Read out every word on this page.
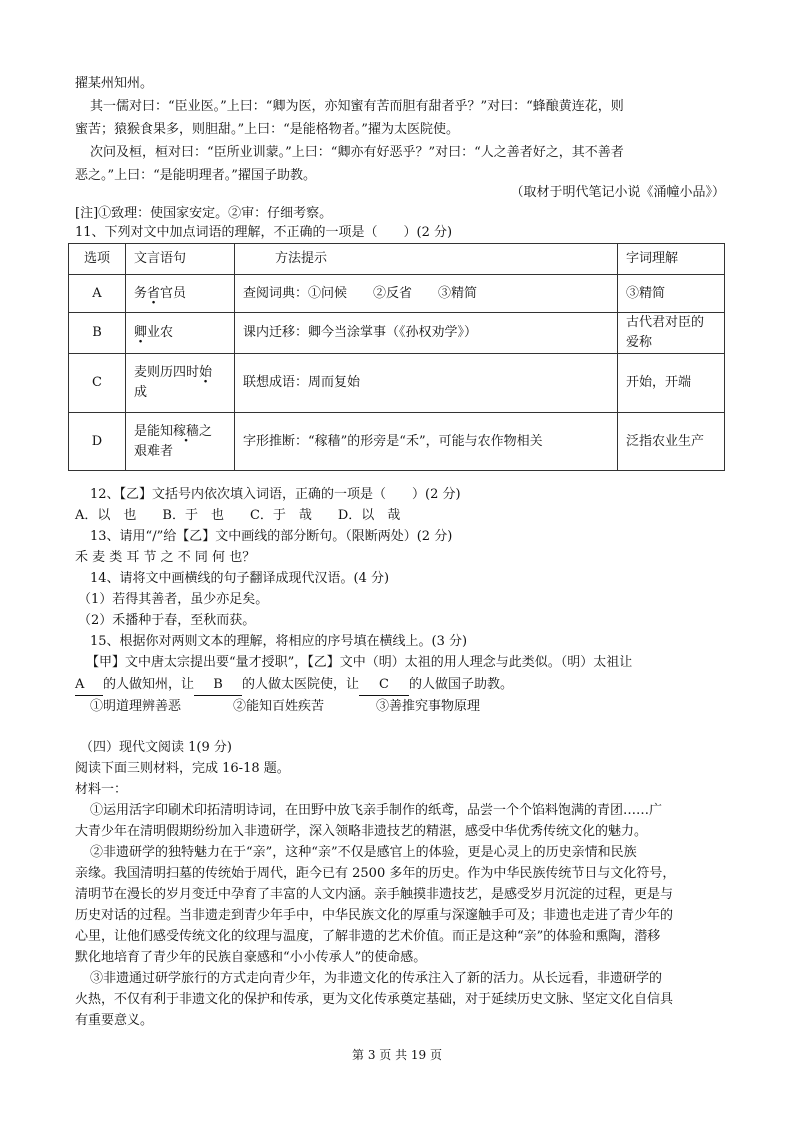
擢某州知州。
其一儒对曰：“臣业医。”上曰：“卿为医，亦知蜜有苦而胆有甜者乎？”对曰：“蜂酿黄连花，则
蜜苦；猿猴食果多，则胆甜。”上曰：“是能格物者。”擢为太医院使。
次问及桓，桓对曰：“臣所业训蒙。”上曰：“卿亦有好恶乎？”对曰：“人之善者好之，其不善者
恶之。”上曰：“是能明理者。”擢国子助教。
（取材于明代笔记小说《涌幢小品》）
[注]①致理：使国家安定。②审：仔细考察。
11、下列对文中加点词语的理解，不正确的一项是（　　）(2 分)
选项	文言语句	方法提示	字词理解
A	务省官员	查阅词典：①问候　　②反省　　③精简	③精简
B	卿业农	课内迁移：卿今当涂掌事（《孙权劝学》）	古代君对臣的爱称
C	麦则历四时始
成	联想成语：周而复始	开始，开端
D	是能知稼穑之
艰难者	字形推断：“稼穑”的形旁是“禾”，可能与农作物相关	泛指农业生产
12、【乙】文括号内依次填入词语，正确的一项是（　　）(2 分)
A．以　也　　B．于　也　　C．于　哉　　D．以　哉
13、请用“/”给【乙】文中画线的部分断句。（限断两处）(2 分)
禾 麦 类 耳 节 之 不 同 何 也？
14、请将文中画横线的句子翻译成现代汉语。(4 分)
（1）若得其善者，虽少亦足矣。
（2）禾播种于春，至秋而获。
15、根据你对两则文本的理解，将相应的序号填在横线上。(3 分)
【甲】文中唐太宗提出要“量才授职”，【乙】文中（明）太祖的用人理念与此类似。（明）太祖让
A 的人做知州，让 B 的人做太医院使，让 C 的人做国子助教。
①明道理辨善恶　　　　②能知百姓疾苦　　　　③善推究事物原理
（四）现代文阅读 1(9 分)
阅读下面三则材料，完成 16-18 题。
材料一：
①运用活字印刷术印拓清明诗词，在田野中放飞亲手制作的纸鸢，品尝一个个馅料饱满的青团……广
大青少年在清明假期纷纷加入非遗研学，深入领略非遗技艺的精湛，感受中华优秀传统文化的魅力。
②非遗研学的独特魅力在于“亲”，这种“亲”不仅是感官上的体验，更是心灵上的历史亲情和民族
亲缘。我国清明扫墓的传统始于周代，距今已有 2500 多年的历史。作为中华民族传统节日与文化符号，
清明节在漫长的岁月变迁中孕育了丰富的人文内涵。亲手触摸非遗技艺，是感受岁月沉淀的过程，更是与
历史对话的过程。当非遗走到青少年手中，中华民族文化的厚重与深邃触手可及；非遗也走进了青少年的
心里，让他们感受传统文化的纹理与温度，了解非遗的艺术价值。而正是这种“亲”的体验和熏陶，潜移
默化地培育了青少年的民族自豪感和“小小传承人”的使命感。
③非遗通过研学旅行的方式走向青少年，为非遗文化的传承注入了新的活力。从长远看，非遗研学的
火热，不仅有利于非遗文化的保护和传承，更为文化传承奠定基础，对于延续历史文脉、坚定文化自信具
有重要意义。
第 3 页 共 19 页
